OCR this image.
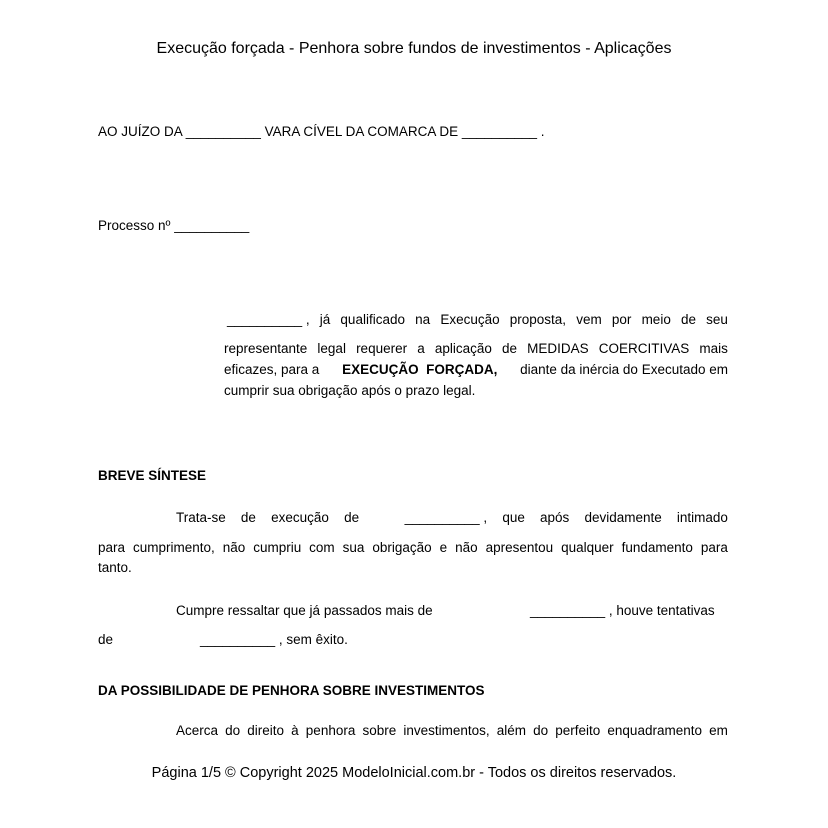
Execução forçada - Penhora sobre fundos de investimentos - Aplicações
AO JUÍZO DA __________ VARA CÍVEL DA COMARCA DE __________ .
Processo nº __________
__________ , já qualificado na Execução proposta, vem por meio de seu
representante legal requerer a aplicação de MEDIDAS COERCITIVAS mais
eficazes, para a EXECUÇÃO  FORÇADA, diante da inércia do Executado em
cumprir sua obrigação após o prazo legal.
BREVE SÍNTESE
Trata-se de execução de	__________ , que após devidamente intimado
para cumprimento, não cumpriu com sua obrigação e não apresentou qualquer fundamento para
tanto.
Cumpre ressaltar que já passados mais de	__________ , houve tentativas
de	__________ , sem êxito.
DA POSSIBILIDADE DE PENHORA SOBRE INVESTIMENTOS
Acerca do direito à penhora sobre investimentos, além do perfeito enquadramento em
Página 1/5 © Copyright 2025 ModeloInicial.com.br - Todos os direitos reservados.
